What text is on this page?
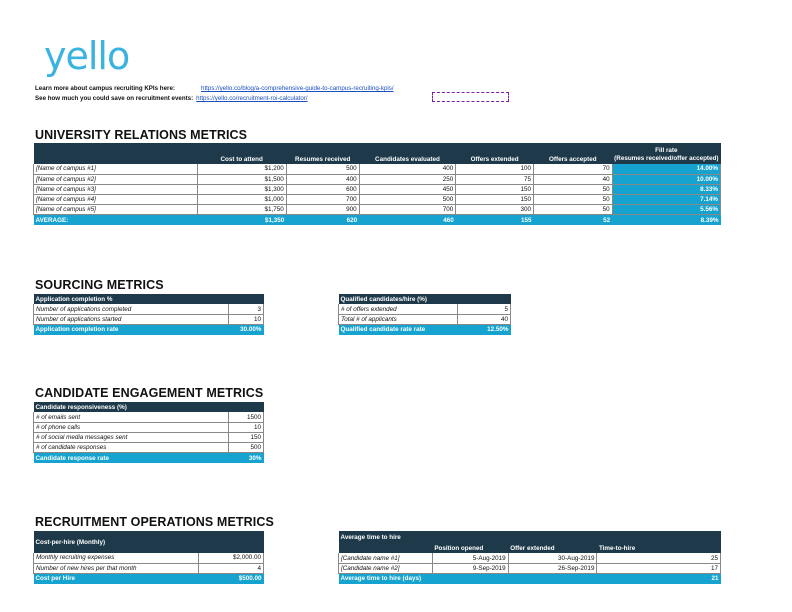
yello
Learn more about campus recruiting KPIs here:	https://yello.co/blog/a-comprehensive-guide-to-campus-recruiting-kpis/
See how much you could save on recruitment events: https://yello.co/recruitment-roi-calculator/
UNIVERSITY RELATIONS METRICS
	Cost to attend	Resumes received	Candidates evaluated	Offers extended	Offers accepted	Fill rate
(Resumes received/offer accepted)

[Name of campus #1]	$1,200	500	400	100	70	14.00%
[Name of campus #2]	$1,500	400	250	75	40	10.00%
[Name of campus #3]	$1,300	600	450	150	50	8.33%
[Name of campus #4]	$1,000	700	500	150	50	7.14%
[Name of campus #5]	$1,750	900	700	300	50	5.56%
AVERAGE:	$1,350	620	460	155	52	8.39%
SOURCING METRICS
Application completion %	
Number of applications completed	3
Number of applications started	10
Application completion rate	30.00%
Qualified candidates/hire (%)	
# of offers extended	5
Total # of applicants	40
Qualified candidate rate rate	12.50%
CANDIDATE ENGAGEMENT METRICS
Candidate responsiveness (%)	
# of emails sent	1500
# of phone calls	10
# of social media messages sent	150
# of candidate responses	500
Candidate response rate	30%
RECRUITMENT OPERATIONS METRICS
Cost-per-hire (Monthly)	
Monthly recruiting expenses	$2,000.00
Number of new hires per that month	4
Cost per Hire	$500.00
Average time to hire			
	Position opened	Offer extended	Time-to-hire
[Candidate name #1]	5-Aug-2019	30-Aug-2019	25
[Candidate name #2]	9-Sep-2019	26-Sep-2019	17
Average time to hire (days)			21
